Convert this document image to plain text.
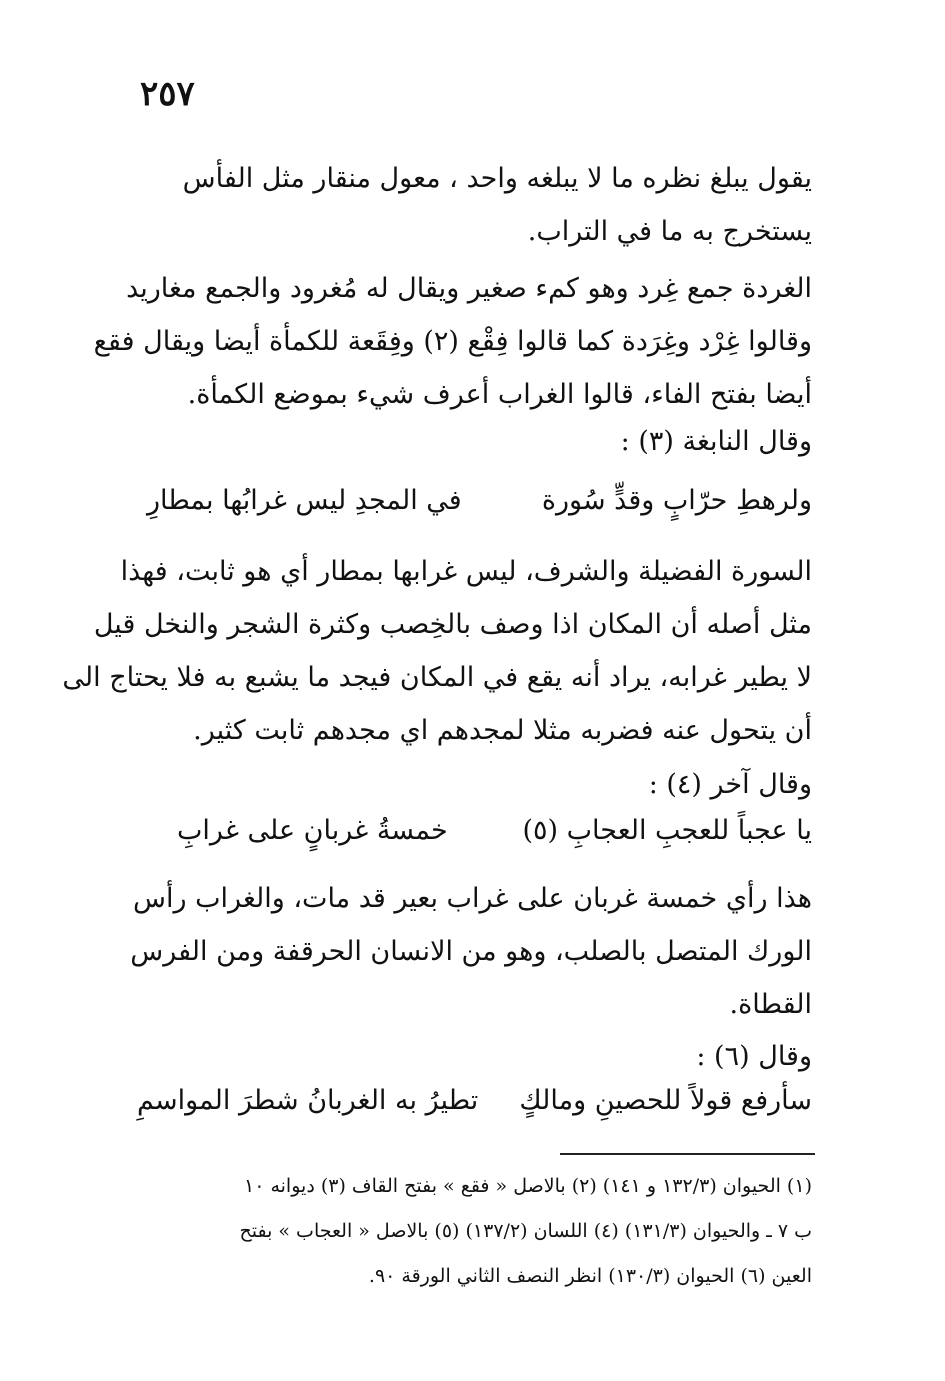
٢٥٧
يقول يبلغ نظره ما لا يبلغه واحد ، معول منقار مثل الفأس
يستخرج به ما في التراب.
الغردة جمع غِرد وهو كمء صغير ويقال له مُغرود والجمع مغاريد
وقالوا غِرْد وغِرَدة كما قالوا فِقْع (٢) وفِقَعة للكمأة أيضا ويقال فقع
أيضا بفتح الفاء، قالوا الغراب أعرف شيء بموضع الكمأة.
وقال النابغة (٣) :
ولرهطِ حرّابٍ وقدٍّ سُورة
في المجدِ ليس غرابُها بمطارِ
السورة الفضيلة والشرف، ليس غرابها بمطار أي هو ثابت، فهذا
مثل أصله أن المكان اذا وصف بالخِصب وكثرة الشجر والنخل قيل
لا يطير غرابه، يراد أنه يقع في المكان فيجد ما يشبع به فلا يحتاج الى
أن يتحول عنه فضربه مثلا لمجدهم اي مجدهم ثابت كثير.
وقال آخر (٤) :
يا عجباً للعجبِ العجابِ (٥)
خمسةُ غربانٍ على غرابِ
هذا رأي خمسة غربان على غراب بعير قد مات، والغراب رأس
الورك المتصل بالصلب، وهو من الانسان الحرقفة ومن الفرس
القطاة.
وقال (٦) :
سأرفع قولاً للحصينِ ومالكٍ
تطيرُ به الغربانُ شطرَ المواسمِ
(١) الحيوان (١٣٢/٣ و ١٤١) (٢) بالاصل « فقع » بفتح القاف (٣) ديوانه ١٠
ب ٧ ـ والحيوان (١٣١/٣) (٤) اللسان (١٣٧/٢) (٥) بالاصل « العجاب » بفتح
العين (٦) الحيوان (١٣٠/٣) انظر النصف الثاني الورقة ٩٠.
